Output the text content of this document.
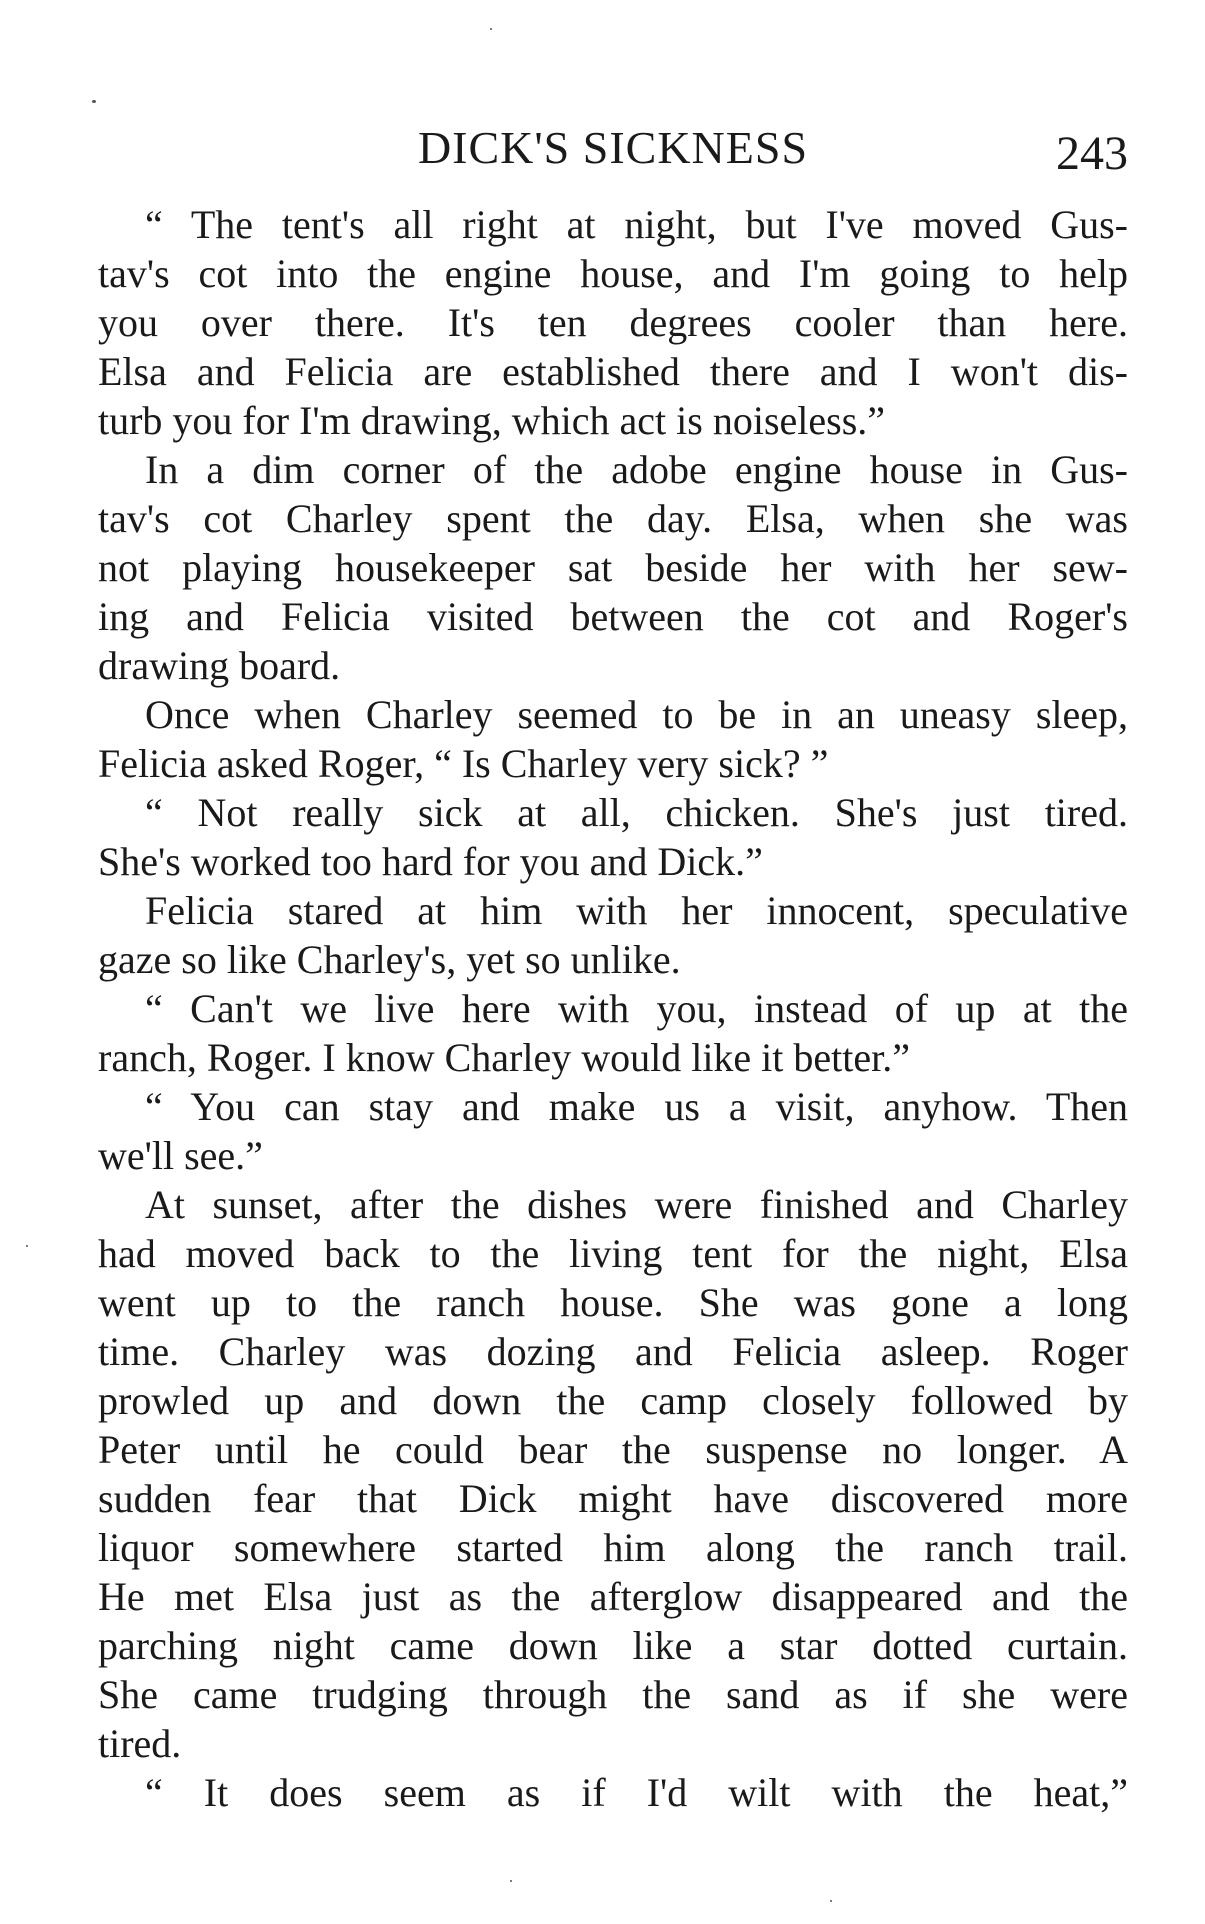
DICK'S SICKNESS	243
“ The tent's all right at night, but I've moved Gus-
tav's cot into the engine house, and I'm going to help
you over there. It's ten degrees cooler than here.
Elsa and Felicia are established there and I won't dis-
turb you for I'm drawing, which act is noiseless.”
In a dim corner of the adobe engine house in Gus-
tav's cot Charley spent the day. Elsa, when she was
not playing housekeeper sat beside her with her sew-
ing and Felicia visited between the cot and Roger's
drawing board.
Once when Charley seemed to be in an uneasy sleep,
Felicia asked Roger, “ Is Charley very sick? ”
“ Not really sick at all, chicken. She's just tired.
She's worked too hard for you and Dick.”
Felicia stared at him with her innocent, speculative
gaze so like Charley's, yet so unlike.
“ Can't we live here with you, instead of up at the
ranch, Roger. I know Charley would like it better.”
“ You can stay and make us a visit, anyhow. Then
we'll see.”
At sunset, after the dishes were finished and Charley
had moved back to the living tent for the night, Elsa
went up to the ranch house. She was gone a long
time. Charley was dozing and Felicia asleep. Roger
prowled up and down the camp closely followed by
Peter until he could bear the suspense no longer. A
sudden fear that Dick might have discovered more
liquor somewhere started him along the ranch trail.
He met Elsa just as the afterglow disappeared and the
parching night came down like a star dotted curtain.
She came trudging through the sand as if she were
tired.
“ It does seem as if I'd wilt with the heat,”
